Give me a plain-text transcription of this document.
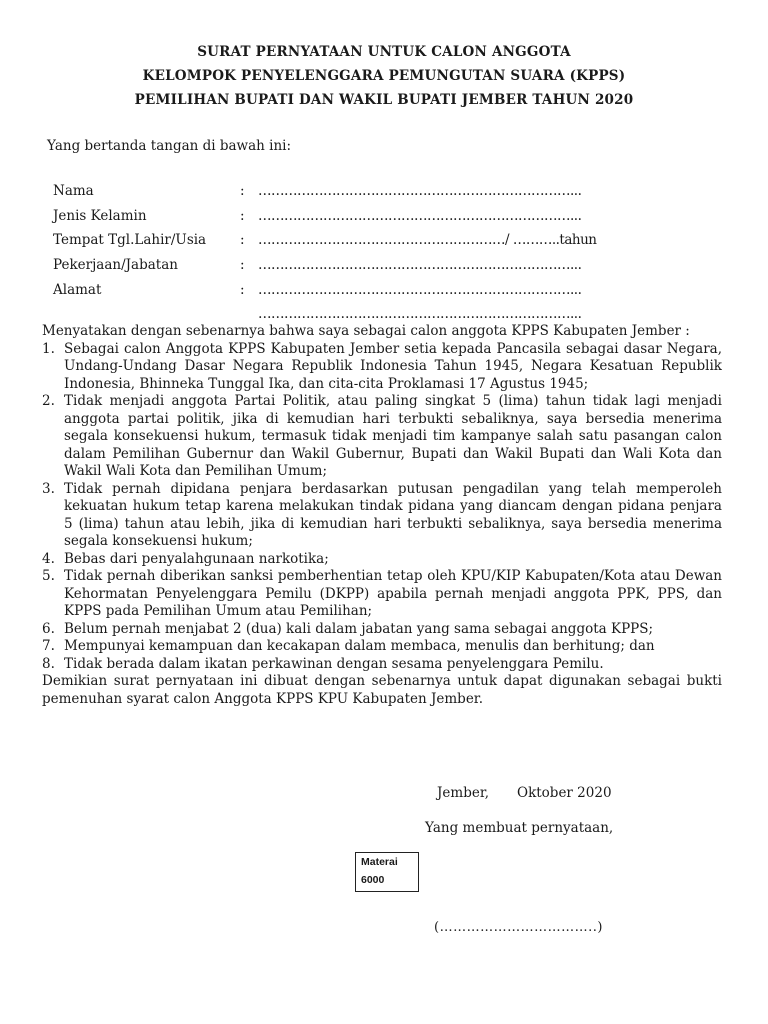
SURAT PERNYATAAN UNTUK CALON ANGGOTA
KELOMPOK PENYELENGGARA PEMUNGUTAN SUARA (KPPS)
PEMILIHAN BUPATI DAN WAKIL BUPATI JEMBER TAHUN 2020
Yang bertanda tangan di bawah ini:
Nama	: ………………………………………………………………...
Jenis Kelamin	: ………………………………………………………………...
Tempat Tgl.Lahir/Usia	: …………………………………………………/ ………..tahun
Pekerjaan/Jabatan	: ………………………………………………………………...
Alamat	: ………………………………………………………………...
………………………………………………………………...

Menyatakan dengan sebenarnya bahwa saya sebagai calon anggota KPPS Kabupaten Jember :

1. Sebagai calon Anggota KPPS Kabupaten Jember setia kepada Pancasila sebagai dasar Negara, Undang-Undang Dasar Negara Republik Indonesia Tahun 1945, Negara Kesatuan Republik Indonesia, Bhinneka Tunggal Ika, dan cita-cita Proklamasi 17 Agustus 1945;
2. Tidak menjadi anggota Partai Politik, atau paling singkat 5 (lima) tahun tidak lagi menjadi anggota partai politik, jika di kemudian hari terbukti sebaliknya, saya bersedia menerima segala konsekuensi hukum, termasuk tidak menjadi tim kampanye salah satu pasangan calon dalam Pemilihan Gubernur dan Wakil Gubernur, Bupati dan Wakil Bupati dan Wali Kota dan Wakil Wali Kota dan Pemilihan Umum;
3. Tidak pernah dipidana penjara berdasarkan putusan pengadilan yang telah memperoleh kekuatan hukum tetap karena melakukan tindak pidana yang diancam dengan pidana penjara 5 (lima) tahun atau lebih, jika di kemudian hari terbukti sebaliknya, saya bersedia menerima segala konsekuensi hukum;
4. Bebas dari penyalahgunaan narkotika;
5. Tidak pernah diberikan sanksi pemberhentian tetap oleh KPU/KIP Kabupaten/Kota atau Dewan Kehormatan Penyelenggara Pemilu (DKPP) apabila pernah menjadi anggota PPK, PPS, dan KPPS pada Pemilihan Umum atau Pemilihan;
6. Belum pernah menjabat 2 (dua) kali dalam jabatan yang sama sebagai anggota KPPS;
7. Mempunyai kemampuan dan kecakapan dalam membaca, menulis dan berhitung; dan
8. Tidak berada dalam ikatan perkawinan dengan sesama penyelenggara Pemilu.

Demikian surat pernyataan ini dibuat dengan sebenarnya untuk dapat digunakan sebagai bukti pemenuhan syarat calon Anggota KPPS KPU Kabupaten Jember.

Jember, Oktober 2020
Yang membuat pernyataan,
Materai
6000
(……………………………..)
